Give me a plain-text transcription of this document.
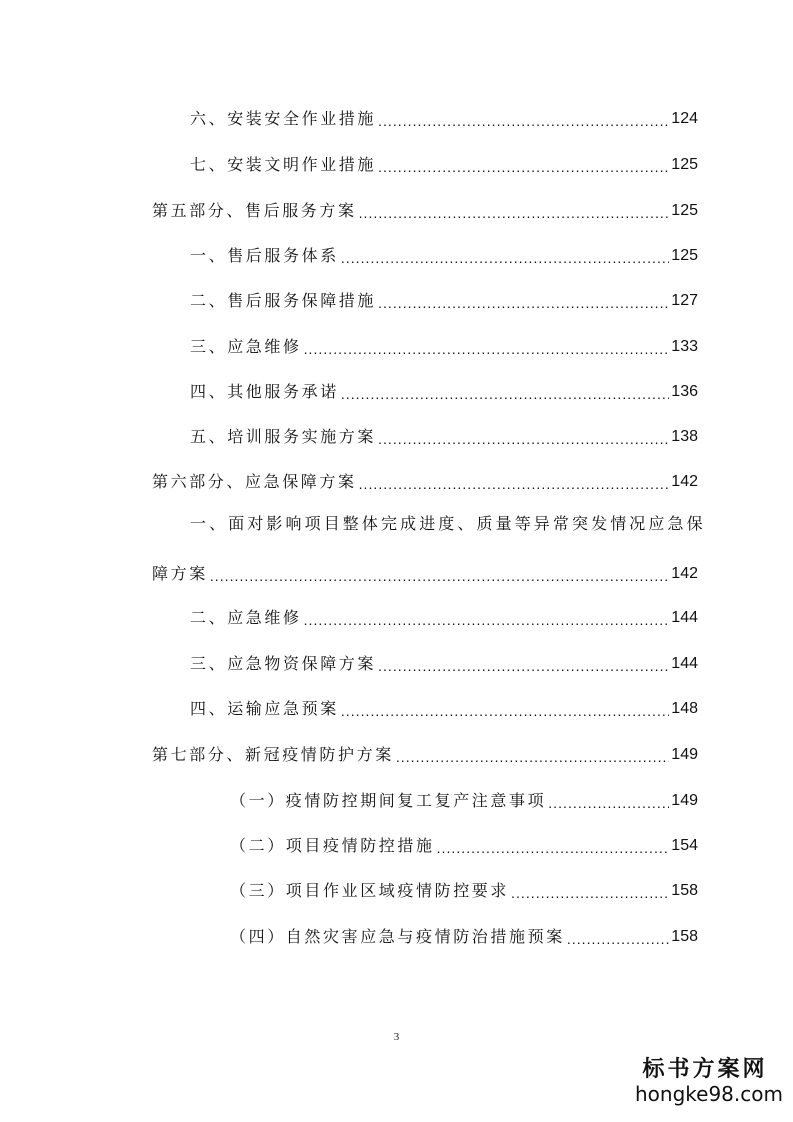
六、安装安全作业措施 .....	124
七、安装文明作业措施 .....	125
第五部分、售后服务方案 .....	125
一、售后服务体系 .....	125
二、售后服务保障措施 .....	127
三、应急维修 .....	133
四、其他服务承诺 .....	136
五、培训服务实施方案 .....	138
第六部分、应急保障方案 .....	142
一、面对影响项目整体完成进度、质量等异常突发情况应急保
障方案 .....	142
二、应急维修 .....	144
三、应急物资保障方案 .....	144
四、运输应急预案 .....	148
第七部分、新冠疫情防护方案 .....	149
（一）疫情防控期间复工复产注意事项 .....	149
（二）项目疫情防控措施 .....	154
（三）项目作业区域疫情防控要求 .....	158
（四）自然灾害应急与疫情防治措施预案 .....	158
3
标书方案网
hongke98.com
